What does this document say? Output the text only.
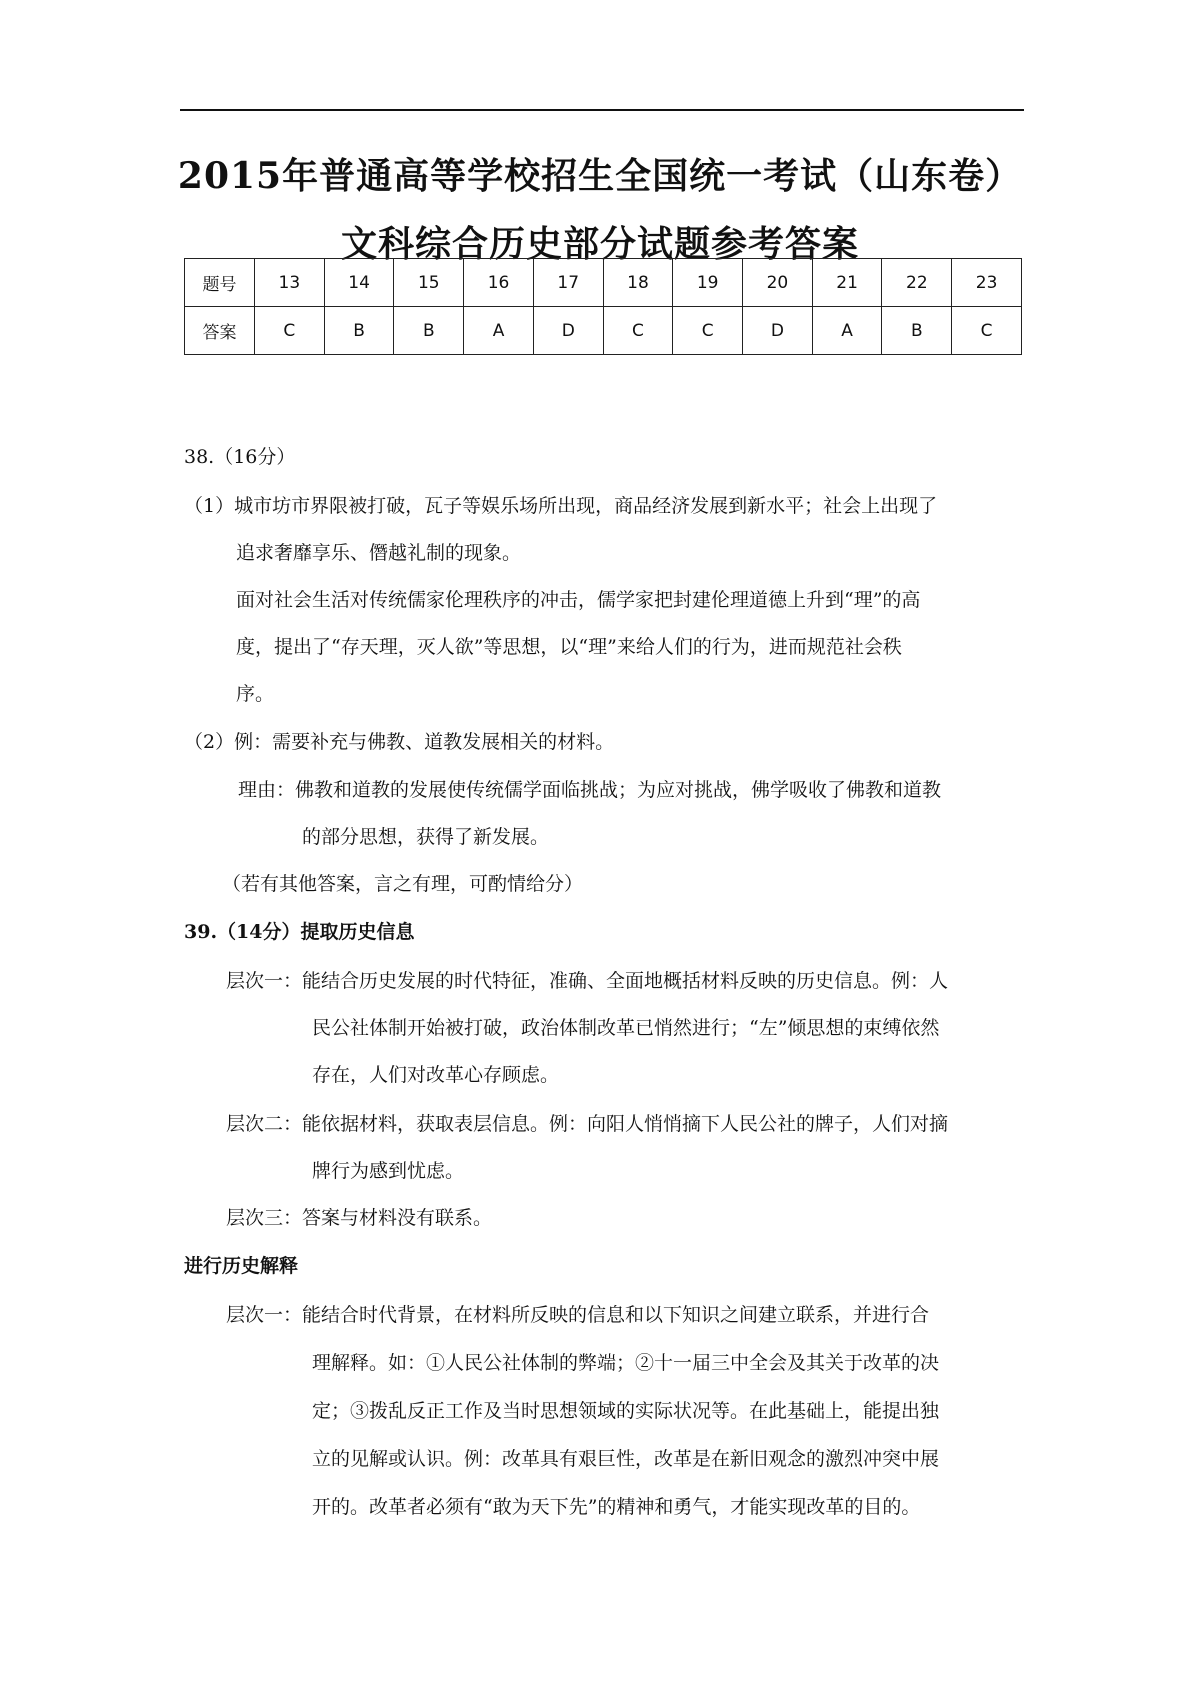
2015年普通高等学校招生全国统一考试（山东卷）
文科综合历史部分试题参考答案
题号	13	14	15	16	17	18	19	20	21	22	23
答案	C	B	B	A	D	C	C	D	A	B	C
38.（16分）
（1）城市坊市界限被打破，瓦子等娱乐场所出现，商品经济发展到新水平；社会上出现了
追求奢靡享乐、僭越礼制的现象。
面对社会生活对传统儒家伦理秩序的冲击，儒学家把封建伦理道德上升到“理”的高
度，提出了“存天理，灭人欲”等思想，以“理”来给人们的行为，进而规范社会秩
序。
（2）例：需要补充与佛教、道教发展相关的材料。
理由：佛教和道教的发展使传统儒学面临挑战；为应对挑战，佛学吸收了佛教和道教
的部分思想，获得了新发展。
（若有其他答案，言之有理，可酌情给分）
39.（14分）提取历史信息
层次一：能结合历史发展的时代特征，准确、全面地概括材料反映的历史信息。例：人
民公社体制开始被打破，政治体制改革已悄然进行；“左”倾思想的束缚依然
存在，人们对改革心存顾虑。
层次二：能依据材料，获取表层信息。例：向阳人悄悄摘下人民公社的牌子，人们对摘
牌行为感到忧虑。
层次三：答案与材料没有联系。
进行历史解释
层次一：能结合时代背景，在材料所反映的信息和以下知识之间建立联系，并进行合
理解释。如：①人民公社体制的弊端；②十一届三中全会及其关于改革的决
定；③拨乱反正工作及当时思想领域的实际状况等。在此基础上，能提出独
立的见解或认识。例：改革具有艰巨性，改革是在新旧观念的激烈冲突中展
开的。改革者必须有“敢为天下先”的精神和勇气，才能实现改革的目的。
